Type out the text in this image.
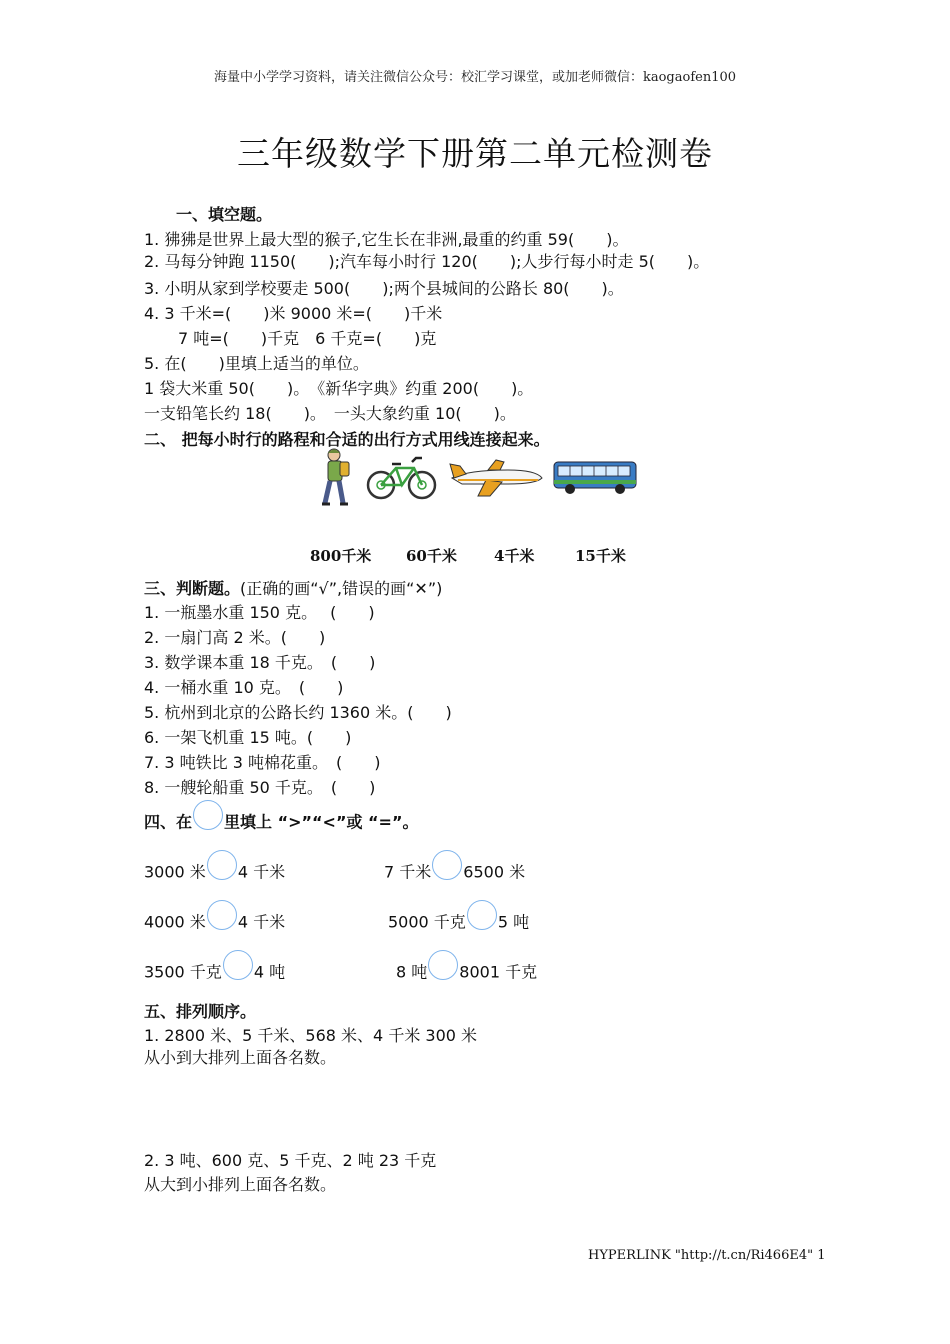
海量中小学学习资料，请关注微信公众号：校汇学习课堂，或加老师微信：kaogaofen100
三年级数学下册第二单元检测卷
一、填空题。
1. 狒狒是世界上最大型的猴子,它生长在非洲,最重的约重 59(　　)。
2. 马每分钟跑 1150(　　);汽车每小时行 120(　　);人步行每小时走 5(　　)。
3. 小明从家到学校要走 500(　　);两个县城间的公路长 80(　　)。
4. 3 千米=(　　)米 9000 米=(　　)千米
7 吨=(　　)千克　6 千克=(　　)克
5. 在(　　)里填上适当的单位。
1 袋大米重 50(　　)。　《新华字典》约重 200(　　)。
一支铅笔长约 18(　　)。　一头大象约重 10(　　)。
二、 把每小时行的路程和合适的出行方式用线连接起来。
800千米 60千米 4千米	15千米
三、判断题。(正确的画“√”,错误的画“✕”)
1. 一瓶墨水重 150 克。　 (　　)
2. 一扇门高 2 米。(　　)
3. 数学课本重 18 千克。　(　　)
4. 一桶水重 10 克。　(　　)
5. 杭州到北京的公路长约 1360 米。(　　)
6. 一架飞机重 15 吨。(　　)
7. 3 吨铁比 3 吨棉花重。　(　　)
8. 一艘轮船重 50 千克。　(　　)
四、在 里填上 “>”“<”或 “=”。
3000 米 4 千米	7 千米 6500 米
4000 米 4 千米	5000 千克 5 吨
3500 千克 4 吨	8 吨 8001 千克
五、排列顺序。
1. 2800 米、5 千米、568 米、4 千米 300 米
从小到大排列上面各名数。
2. 3 吨、600 克、5 千克、2 吨 23 千克
从大到小排列上面各名数。
HYPERLINK "http://t.cn/Ri466E4" 1
